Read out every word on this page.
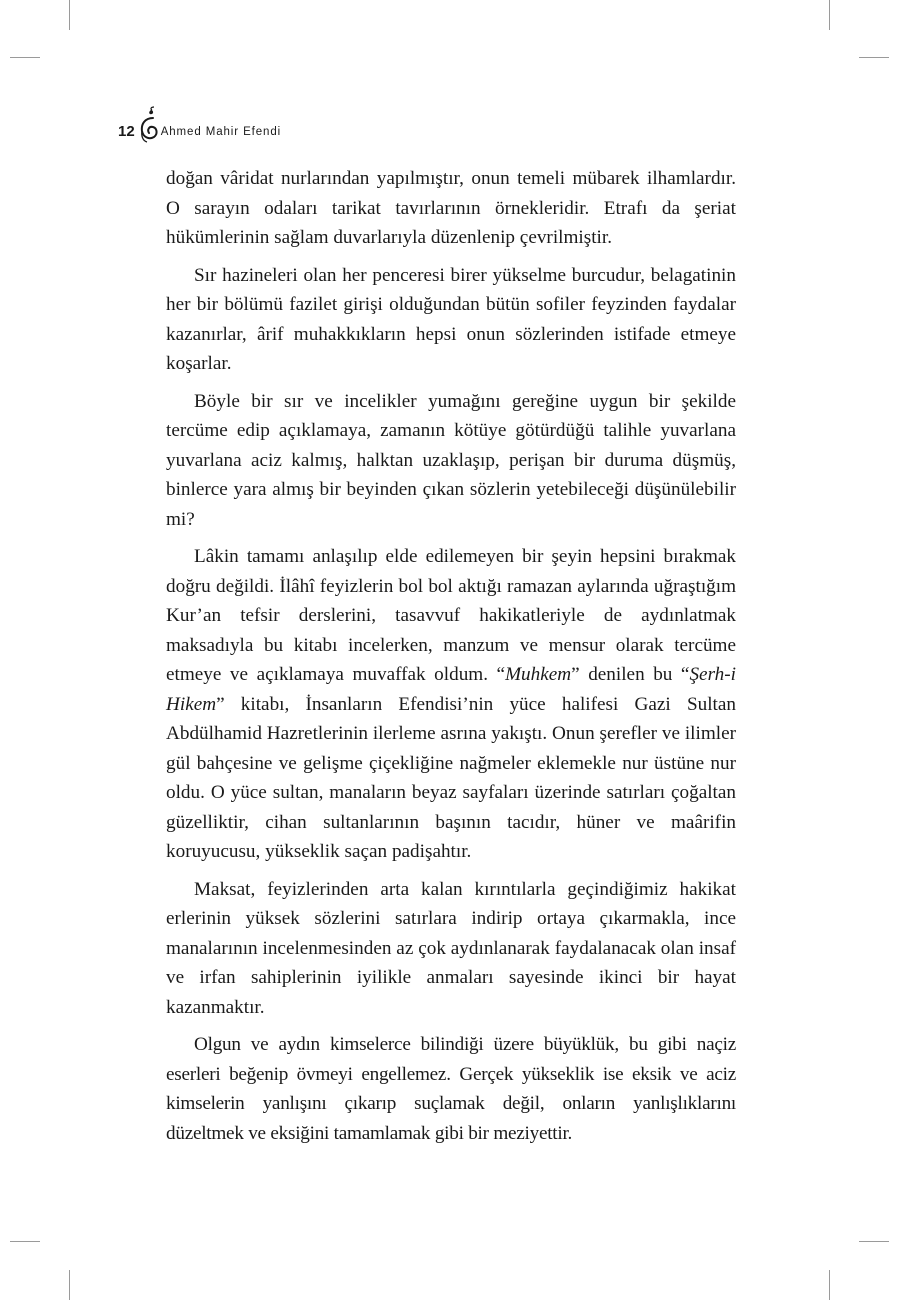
12 Ahmed Mahir Efendi

doğan vâridat nurlarından yapılmıştır, onun temeli mübarek ilhamlardır. O sarayın odaları tarikat tavırlarının örnekleridir. Etrafı da şeriat hükümlerinin sağlam duvarlarıyla düzenlenip çevrilmiştir.

Sır hazineleri olan her penceresi birer yükselme burcudur, belagatinin her bir bölümü fazilet girişi olduğundan bütün sofiler feyzinden faydalar kazanırlar, ârif muhakkıkların hepsi onun sözlerinden istifade etmeye koşarlar.

Böyle bir sır ve incelikler yumağını gereğine uygun bir şekilde tercüme edip açıklamaya, zamanın kötüye götürdüğü talihle yuvarlana yuvarlana aciz kalmış, halktan uzaklaşıp, perişan bir duruma düşmüş, binlerce yara almış bir beyinden çıkan sözlerin yetebileceği düşünülebilir mi?

Lâkin tamamı anlaşılıp elde edilemeyen bir şeyin hepsini bırakmak doğru değildi. İlâhî feyizlerin bol bol aktığı ramazan aylarında uğraştığım Kur’an tefsir derslerini, tasavvuf hakikatleriyle de aydınlatmak maksadıyla bu kitabı incelerken, manzum ve mensur olarak tercüme etmeye ve açıklamaya muvaffak oldum. “Muhkem” denilen bu “Şerh-i Hikem” kitabı, İnsanların Efendisi’nin yüce halifesi Gazi Sultan Abdülhamid Hazretlerinin ilerleme asrına yakıştı. Onun şerefler ve ilimler gül bahçesine ve gelişme çiçekliğine nağmeler eklemekle nur üstüne nur oldu. O yüce sultan, manaların beyaz sayfaları üzerinde satırları çoğaltan güzelliktir, cihan sultanlarının başının tacıdır, hüner ve maârifin koruyucusu, yükseklik saçan padişahtır.

Maksat, feyizlerinden arta kalan kırıntılarla geçindiğimiz hakikat erlerinin yüksek sözlerini satırlara indirip ortaya çıkarmakla, ince manalarının incelenmesinden az çok aydınlanarak faydalanacak olan insaf ve irfan sahiplerinin iyilikle anmaları sayesinde ikinci bir hayat kazanmaktır.

Olgun ve aydın kimselerce bilindiği üzere büyüklük, bu gibi naçiz eserleri beğenip övmeyi engellemez. Gerçek yükseklik ise eksik ve aciz kimselerin yanlışını çıkarıp suçlamak değil, onların yanlışlıklarını düzeltmek ve eksiğini tamamlamak gibi bir meziyettir.
